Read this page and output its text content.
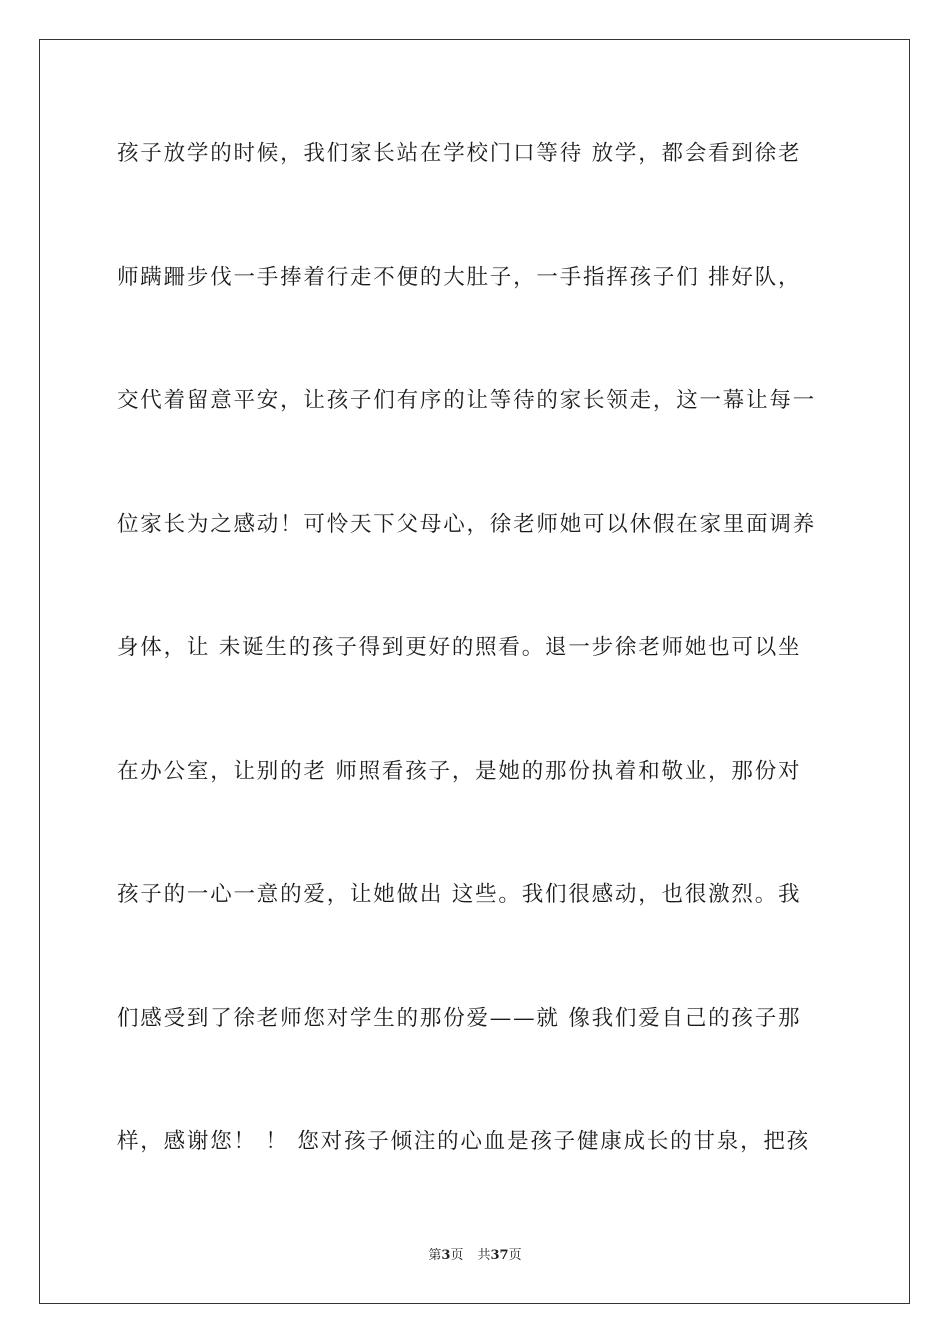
孩子放学的时候，我们家长站在学校门口等待 放学，都会看到徐老
师蹒跚步伐一手捧着行走不便的大肚子，一手指挥孩子们 排好队，
交代着留意平安，让孩子们有序的让等待的家长领走，这一幕让每一
位家长为之感动！可怜天下父母心，徐老师她可以休假在家里面调养
身体，让 未诞生的孩子得到更好的照看。退一步徐老师她也可以坐
在办公室，让别的老 师照看孩子，是她的那份执着和敬业，那份对
孩子的一心一意的爱，让她做出 这些。我们很感动，也很激烈。我
们感受到了徐老师您对学生的那份爱——就 像我们爱自己的孩子那
样，感谢您！ ！ 您对孩子倾注的心血是孩子健康成长的甘泉，把孩
第3页 共37页
